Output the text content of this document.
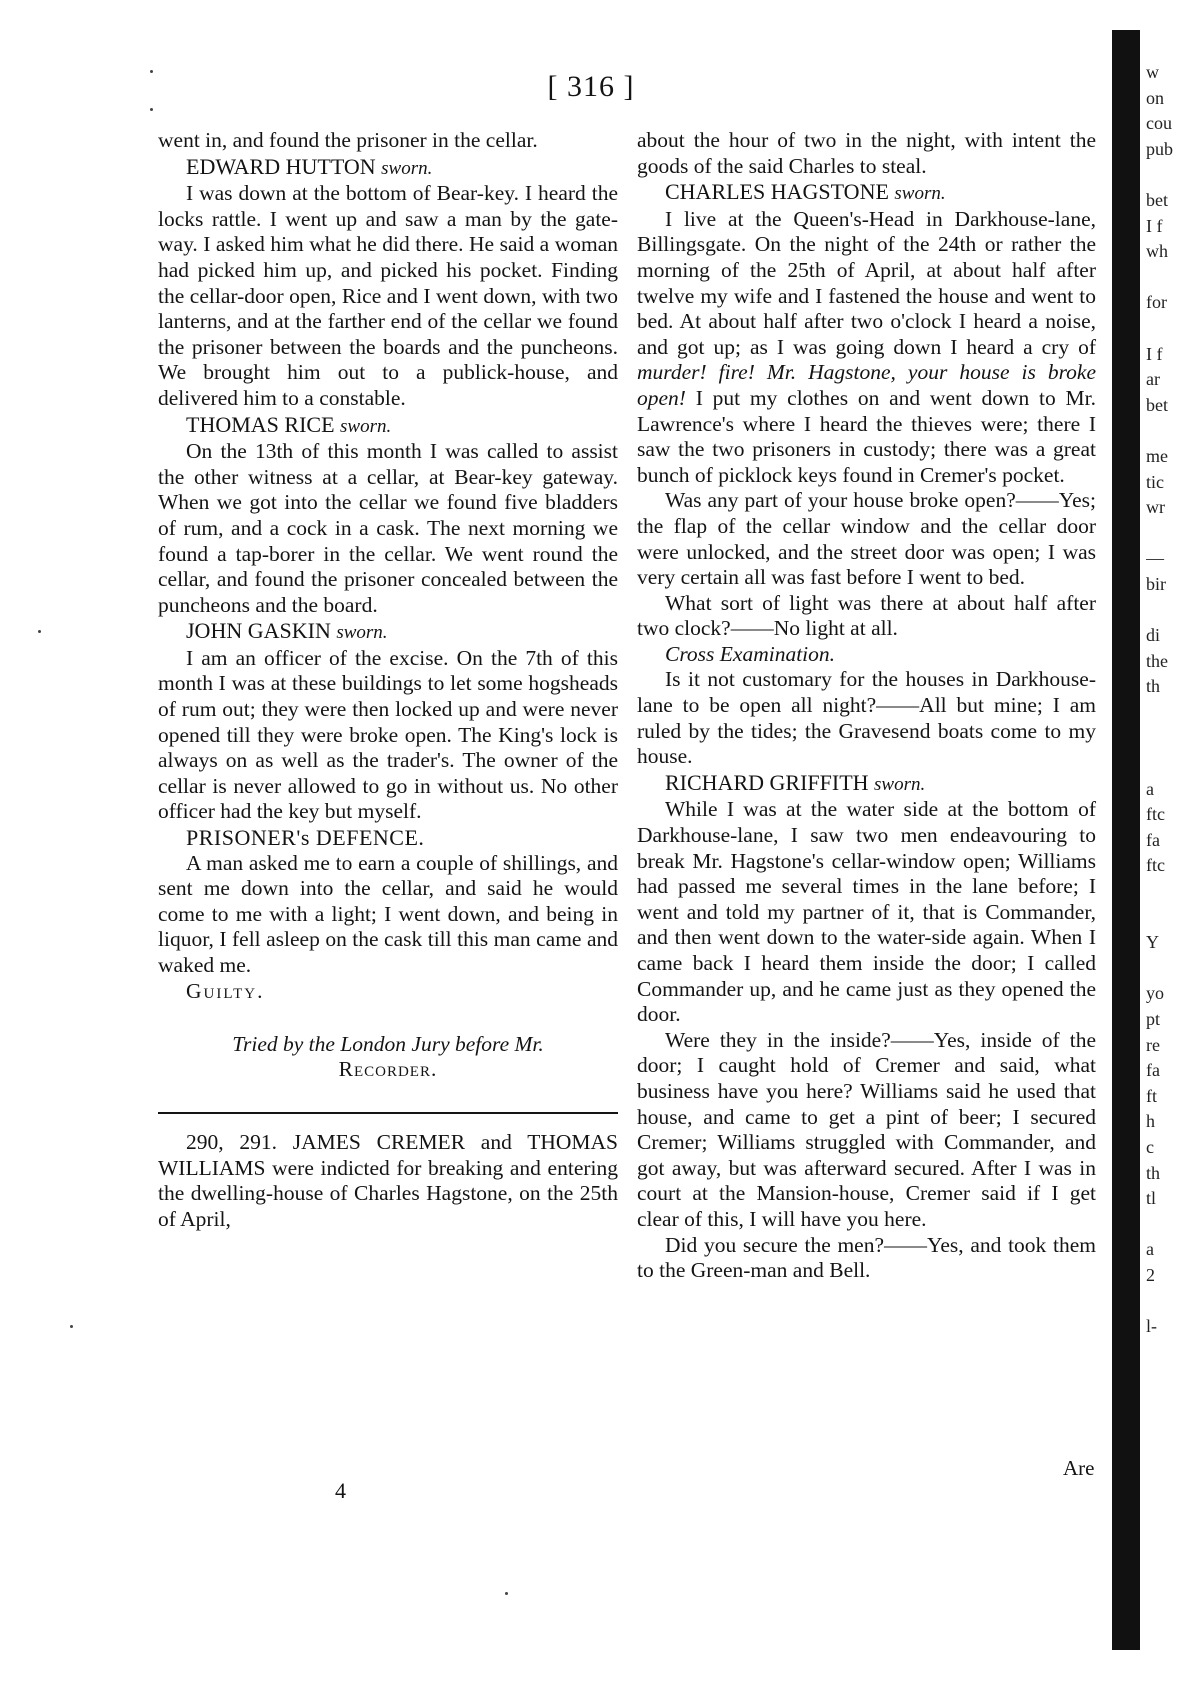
[ 316 ]

went in, and found the prisoner in the cellar.

EDWARD HUTTON sworn.

I was down at the bottom of Bear-key. I heard the locks rattle. I went up and saw a man by the gate-way. I asked him what he did there. He said a woman had picked him up, and picked his pocket. Finding the cellar-door open, Rice and I went down, with two lanterns, and at the farther end of the cellar we found the prisoner between the boards and the puncheons. We brought him out to a publick-house, and delivered him to a constable.

THOMAS RICE sworn.

On the 13th of this month I was called to assist the other witness at a cellar, at Bear-key gateway. When we got into the cellar we found five bladders of rum, and a cock in a cask. The next morning we found a tap-borer in the cellar. We went round the cellar, and found the prisoner concealed between the puncheons and the board.

JOHN GASKIN sworn.

I am an officer of the excise. On the 7th of this month I was at these buildings to let some hogsheads of rum out; they were then locked up and were never opened till they were broke open. The King's lock is always on as well as the trader's. The owner of the cellar is never allowed to go in without us. No other officer had the key but myself.

PRISONER's DEFENCE.

A man asked me to earn a couple of shillings, and sent me down into the cellar, and said he would come to me with a light; I went down, and being in liquor, I fell asleep on the cask till this man came and waked me.

Guilty.

Tried by the London Jury before Mr.
Recorder.

290, 291. JAMES CREMER and THOMAS WILLIAMS were indicted for breaking and entering the dwelling-house of Charles Hagstone, on the 25th of April,

about the hour of two in the night, with intent the goods of the said Charles to steal.

CHARLES HAGSTONE sworn.

I live at the Queen's-Head in Darkhouse-lane, Billingsgate. On the night of the 24th or rather the morning of the 25th of April, at about half after twelve my wife and I fastened the house and went to bed. At about half after two o'clock I heard a noise, and got up; as I was going down I heard a cry of murder! fire! Mr. Hagstone, your house is broke open! I put my clothes on and went down to Mr. Lawrence's where I heard the thieves were; there I saw the two prisoners in custody; there was a great bunch of picklock keys found in Cremer's pocket.

Was any part of your house broke open?——Yes; the flap of the cellar window and the cellar door were unlocked, and the street door was open; I was very certain all was fast before I went to bed.

What sort of light was there at about half after two clock?——No light at all.

Cross Examination.

Is it not customary for the houses in Darkhouse-lane to be open all night?——All but mine; I am ruled by the tides; the Gravesend boats come to my house.

RICHARD GRIFFITH sworn.

While I was at the water side at the bottom of Darkhouse-lane, I saw two men endeavouring to break Mr. Hagstone's cellar-window open; Williams had passed me several times in the lane before; I went and told my partner of it, that is Commander, and then went down to the water-side again. When I came back I heard them inside the door; I called Commander up, and he came just as they opened the door.

Were they in the inside?——Yes, inside of the door; I caught hold of Cremer and said, what business have you here? Williams said he used that house, and came to get a pint of beer; I secured Cremer; Williams struggled with Commander, and got away, but was afterward secured. After I was in court at the Mansion-house, Cremer said if I get clear of this, I will have you here.

Did you secure the men?——Yes, and took them to the Green-man and Bell.

4
Are
w
on
cou
pub
bet
I f
wh
for
I f
ar
bet
me
tic
wr
—
bir
di
the
th
a
ftc
fa
ftc
Y
yo
pt
re
fa
ft
h
c
th
tl
a
2
l-
